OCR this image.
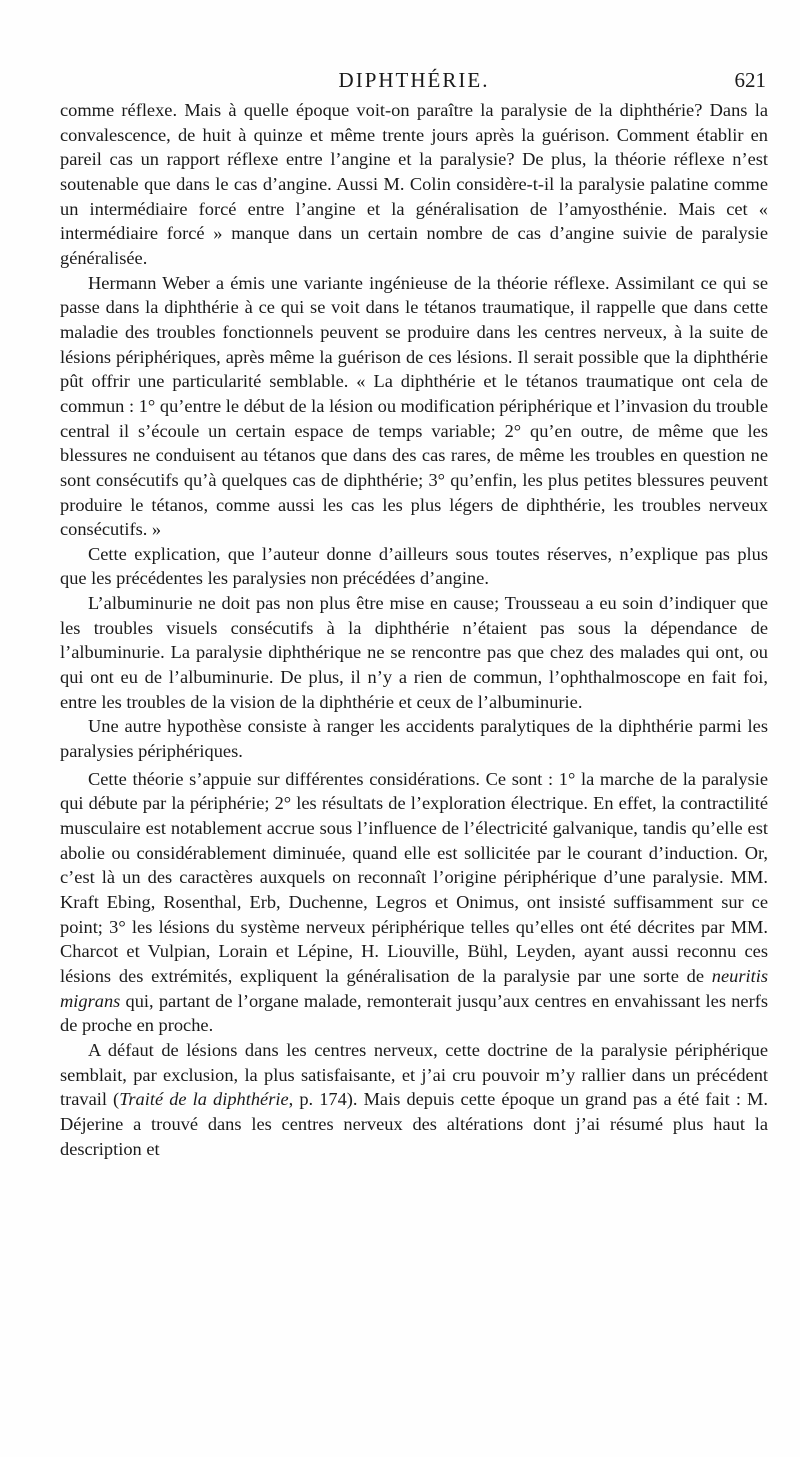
DIPHTHÉRIE.	621

comme réflexe. Mais à quelle époque voit-on paraître la paralysie de la diphthérie? Dans la convalescence, de huit à quinze et même trente jours après la guérison. Comment établir en pareil cas un rapport réflexe entre l’angine et la paralysie? De plus, la théorie réflexe n’est soutenable que dans le cas d’angine. Aussi M. Colin considère-t-il la paralysie palatine comme un intermédiaire forcé entre l’angine et la généralisation de l’amyosthénie. Mais cet « intermédiaire forcé » manque dans un certain nombre de cas d’angine suivie de paralysie généralisée.

Hermann Weber a émis une variante ingénieuse de la théorie réflexe. Assimilant ce qui se passe dans la diphthérie à ce qui se voit dans le tétanos traumatique, il rappelle que dans cette maladie des troubles fonctionnels peuvent se produire dans les centres nerveux, à la suite de lésions périphériques, après même la guérison de ces lésions. Il serait possible que la diphthérie pût offrir une particularité semblable. « La diphthérie et le tétanos traumatique ont cela de commun : 1° qu’entre le début de la lésion ou modification périphérique et l’invasion du trouble central il s’écoule un certain espace de temps variable; 2° qu’en outre, de même que les blessures ne conduisent au tétanos que dans des cas rares, de même les troubles en question ne sont consécutifs qu’à quelques cas de diphthérie; 3° qu’enfin, les plus petites blessures peuvent produire le tétanos, comme aussi les cas les plus légers de diphthérie, les troubles nerveux consécutifs. »

Cette explication, que l’auteur donne d’ailleurs sous toutes réserves, n’explique pas plus que les précédentes les paralysies non précédées d’angine.

L’albuminurie ne doit pas non plus être mise en cause; Trousseau a eu soin d’indiquer que les troubles visuels consécutifs à la diphthérie n’étaient pas sous la dépendance de l’albuminurie. La paralysie diphthérique ne se rencontre pas que chez des malades qui ont, ou qui ont eu de l’albuminurie. De plus, il n’y a rien de commun, l’ophthalmoscope en fait foi, entre les troubles de la vision de la diphthérie et ceux de l’albuminurie.

Une autre hypothèse consiste à ranger les accidents paralytiques de la diphthérie parmi les paralysies périphériques.

Cette théorie s’appuie sur différentes considérations. Ce sont : 1° la marche de la paralysie qui débute par la périphérie; 2° les résultats de l’exploration électrique. En effet, la contractilité musculaire est notablement accrue sous l’influence de l’électricité galvanique, tandis qu’elle est abolie ou considérablement diminuée, quand elle est sollicitée par le courant d’induction. Or, c’est là un des caractères auxquels on reconnaît l’origine périphérique d’une paralysie. MM. Kraft Ebing, Rosenthal, Erb, Duchenne, Legros et Onimus, ont insisté suffisamment sur ce point; 3° les lésions du système nerveux périphérique telles qu’elles ont été décrites par MM. Charcot et Vulpian, Lorain et Lépine, H. Liouville, Bühl, Leyden, ayant aussi reconnu ces lésions des extrémités, expliquent la généralisation de la paralysie par une sorte de neuritis migrans qui, partant de l’organe malade, remonterait jusqu’aux centres en envahissant les nerfs de proche en proche.

A défaut de lésions dans les centres nerveux, cette doctrine de la paralysie périphérique semblait, par exclusion, la plus satisfaisante, et j’ai cru pouvoir m’y rallier dans un précédent travail (Traité de la diphthérie, p. 174). Mais depuis cette époque un grand pas a été fait : M. Déjerine a trouvé dans les centres nerveux des altérations dont j’ai résumé plus haut la description et
